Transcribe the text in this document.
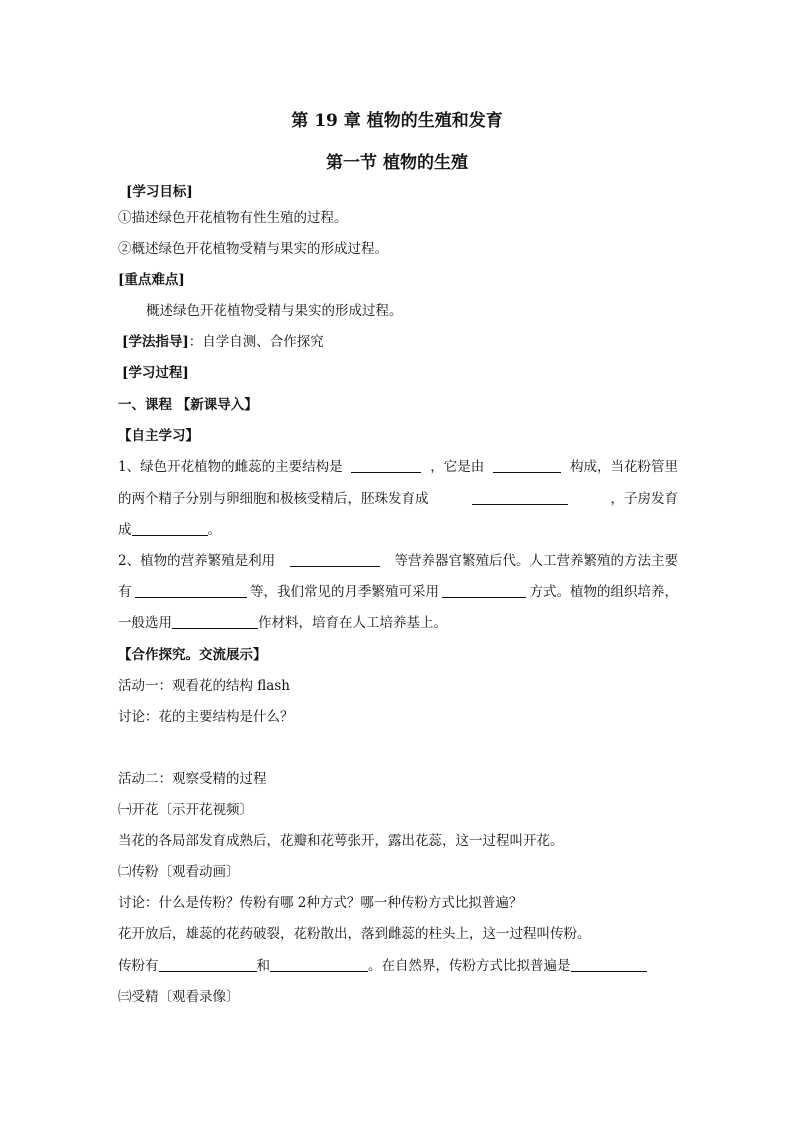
第 19 章 植物的生殖和发育
第一节 植物的生殖
[学习目标]
①描述绿色开花植物有性生殖的过程。
②概述绿色开花植物受精与果实的形成过程。
[重点难点]
概述绿色开花植物受精与果实的形成过程。
[学法指导]：自学自测、合作探究
[学习过程]
一、课程 【新课导入】
【自主学习】
1、绿色开花植物的雌蕊的主要结构是	，它是由	构成，当花粉管里
的两个精子分别与卵细胞和极核受精后，胚珠发育成	，子房发育
成	。
2、植物的营养繁殖是利用	等营养器官繁殖后代。人工营养繁殖的方法主要
有	等，我们常见的月季繁殖可采用	方式。植物的组织培养，
一般选用	作材料，培育在人工培养基上。
【合作探究。交流展示】
活动一：观看花的结构 flash
讨论：花的主要结构是什么？
活动二：观察受精的过程
㈠开花〔示开花视频〕
当花的各局部发育成熟后，花瓣和花萼张开，露出花蕊，这一过程叫开花。
㈡传粉〔观看动画〕
讨论：什么是传粉？传粉有哪 2种方式？哪一种传粉方式比拟普遍？
花开放后，雄蕊的花药破裂，花粉散出，落到雌蕊的柱头上，这一过程叫传粉。
传粉有	和	。在自然界，传粉方式比拟普遍是
㈢受精〔观看录像〕
